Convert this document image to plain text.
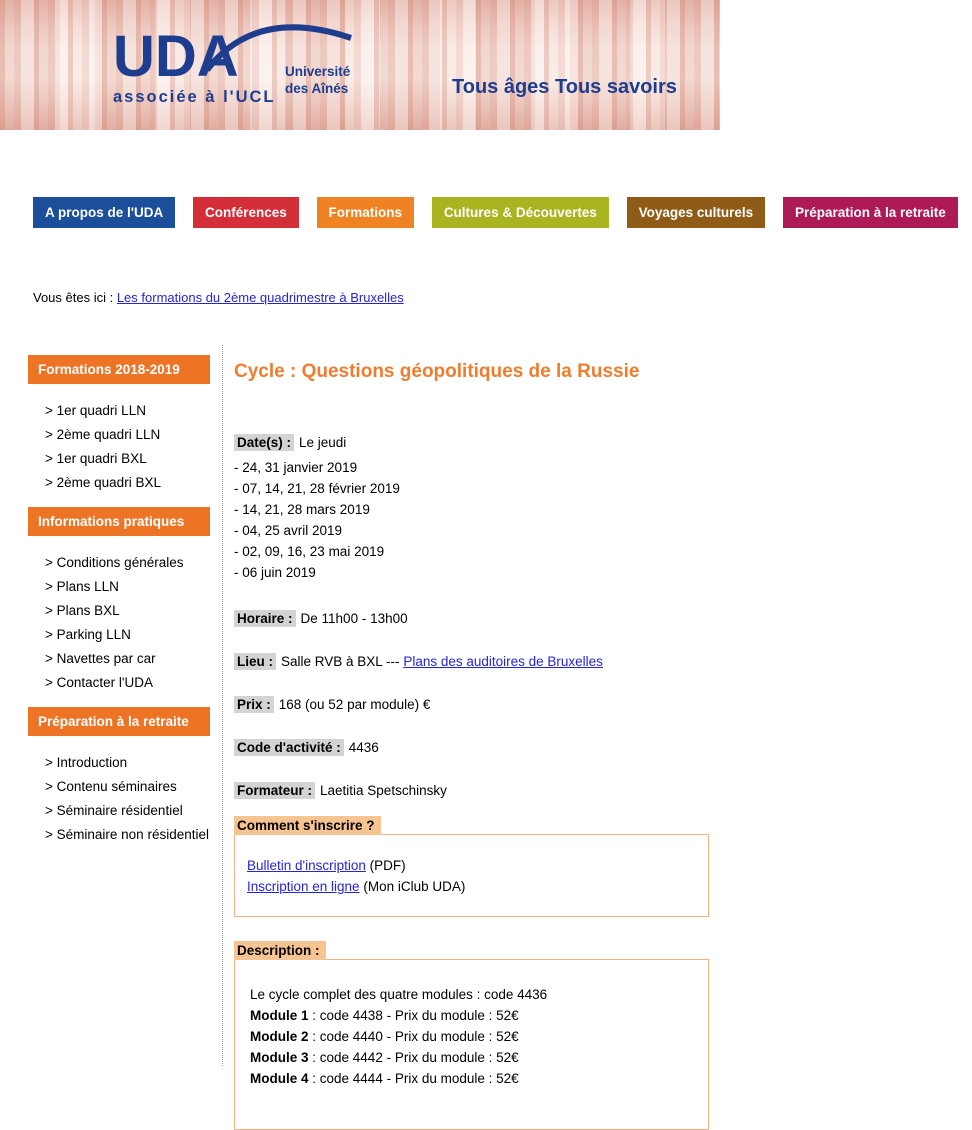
UDA	Université
des Aînés
associée à l'UCL	Tous âges Tous savoirs
A propos de l'UDA	Conférences	Formations	Cultures & Découvertes	Voyages culturels	Préparation à la retraite
Vous êtes ici : Les formations du 2ème quadrimestre à Bruxelles
Formations 2018-2019
> 1er quadri LLN
> 2ème quadri LLN
> 1er quadri BXL
> 2ème quadri BXL
Informations pratiques
> Conditions générales
> Plans LLN
> Plans BXL
> Parking LLN
> Navettes par car
> Contacter l'UDA
Préparation à la retraite
> Introduction
> Contenu séminaires
> Séminaire résidentiel
> Séminaire non résidentiel
Cycle : Questions géopolitiques de la Russie
Date(s) : Le jeudi
- 24, 31 janvier 2019
- 07, 14, 21, 28 février 2019
- 14, 21, 28 mars 2019
- 04, 25 avril 2019
- 02, 09, 16, 23 mai 2019
- 06 juin 2019
Horaire : De 11h00 - 13h00
Lieu : Salle RVB à BXL --- Plans des auditoires de Bruxelles
Prix : 168 (ou 52 par module) €
Code d'activité : 4436
Formateur : Laetitia Spetschinsky
Comment s'inscrire ?
Bulletin d'inscription (PDF)
Inscription en ligne (Mon iClub UDA)
Description :
Le cycle complet des quatre modules : code 4436
Module 1 : code 4438 - Prix du module : 52€
Module 2 : code 4440 - Prix du module : 52€
Module 3 : code 4442 - Prix du module : 52€
Module 4 : code 4444 - Prix du module : 52€
